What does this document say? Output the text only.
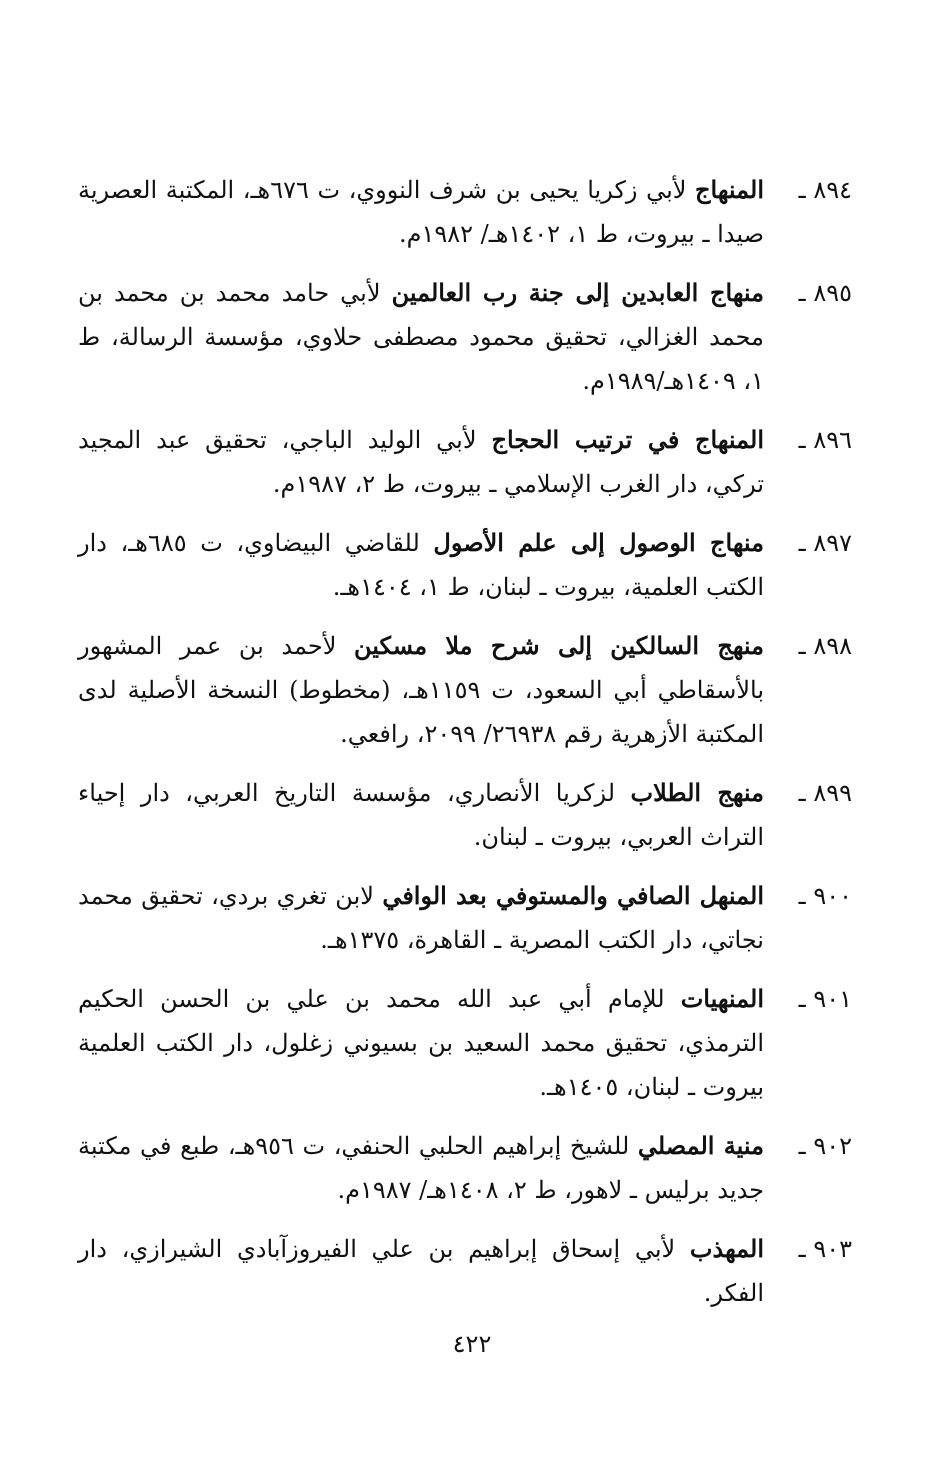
٨٩٤ ـ
المنهاج لأبي زكريا يحيى بن شرف النووي، ت ٦٧٦هـ، المكتبة العصرية صيدا ـ بيروت، ط ١، ١٤٠٢هـ/ ١٩٨٢م.
٨٩٥ ـ
منهاج العابدين إلى جنة رب العالمين لأبي حامد محمد بن محمد بن محمد الغزالي، تحقيق محمود مصطفى حلاوي، مؤسسة الرسالة، ط ١، ١٤٠٩هـ/١٩٨٩م.
٨٩٦ ـ
المنهاج في ترتيب الحجاج لأبي الوليد الباجي، تحقيق عبد المجيد تركي، دار الغرب الإسلامي ـ بيروت، ط ٢، ١٩٨٧م.
٨٩٧ ـ
منهاج الوصول إلى علم الأصول للقاضي البيضاوي، ت ٦٨٥هـ، دار الكتب العلمية، بيروت ـ لبنان، ط ١، ١٤٠٤هـ.
٨٩٨ ـ
منهج السالكين إلى شرح ملا مسكين لأحمد بن عمر المشهور بالأسقاطي أبي السعود، ت ١١٥٩هـ، (مخطوط) النسخة الأصلية لدى المكتبة الأزهرية رقم ٢٦٩٣٨/ ٢٠٩٩، رافعي.
٨٩٩ ـ
منهج الطلاب لزكريا الأنصاري، مؤسسة التاريخ العربي، دار إحياء التراث العربي، بيروت ـ لبنان.
٩٠٠ ـ
المنهل الصافي والمستوفي بعد الوافي لابن تغري بردي، تحقيق محمد نجاتي، دار الكتب المصرية ـ القاهرة، ١٣٧٥هـ.
٩٠١ ـ
المنهيات للإمام أبي عبد الله محمد بن علي بن الحسن الحكيم الترمذي، تحقيق محمد السعيد بن بسيوني زغلول، دار الكتب العلمية بيروت ـ لبنان، ١٤٠٥هـ.
٩٠٢ ـ
منية المصلي للشيخ إبراهيم الحلبي الحنفي، ت ٩٥٦هـ، طبع في مكتبة جديد برليس ـ لاهور، ط ٢، ١٤٠٨هـ/ ١٩٨٧م.
٩٠٣ ـ
المهذب لأبي إسحاق إبراهيم بن علي الفيروزآبادي الشيرازي، دار الفكر.
٤٢٢
